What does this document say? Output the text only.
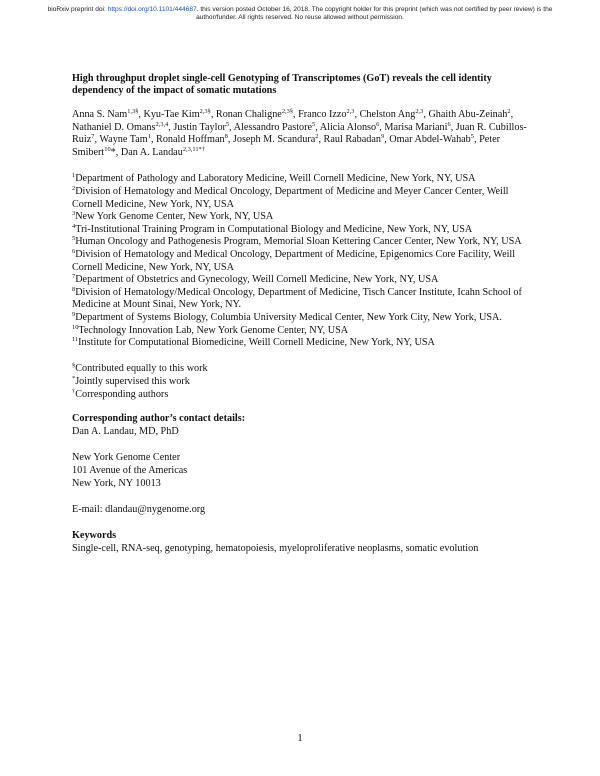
bioRxiv preprint doi: https://doi.org/10.1101/444687. this version posted October 16, 2018. The copyright holder for this preprint (which was not certified by peer review) is the author/funder. All rights reserved. No reuse allowed without permission.
High throughput droplet single-cell Genotyping of Transcriptomes (GoT) reveals the cell identity dependency of the impact of somatic mutations
Anna S. Nam$^{1,3\S}$, Kyu-Tae Kim$^{2,3\S}$, Ronan Chaligne$^{2,3\S}$, Franco Izzo$^{2,3}$, Chelston Ang$^{2,3}$, Ghaith Abu-Zeinah$^2$, Nathaniel D. Omans$^{2,3,4}$, Justin Taylor$^5$, Alessandro Pastore$^5$, Alicia Alonso$^6$, Marisa Mariani$^6$, Juan R. Cubillos-Ruiz$^7$, Wayne Tam$^1$, Ronald Hoffman$^8$, Joseph M. Scandura$^2$, Raul Rabadan$^9$, Omar Abdel-Wahab$^5$, Peter Smibert$^{10}$*, Dan A. Landau$^{2,3,11*\dagger}$
$^1$Department of Pathology and Laboratory Medicine, Weill Cornell Medicine, New York, NY, USA
$^2$Division of Hematology and Medical Oncology, Department of Medicine and Meyer Cancer Center, Weill Cornell Medicine, New York, NY, USA
$^3$New York Genome Center, New York, NY, USA
$^4$Tri-Institutional Training Program in Computational Biology and Medicine, New York, NY, USA
$^5$Human Oncology and Pathogenesis Program, Memorial Sloan Kettering Cancer Center, New York, NY, USA
$^6$Division of Hematology and Medical Oncology, Department of Medicine, Epigenomics Core Facility, Weill Cornell Medicine, New York, NY, USA
$^7$Department of Obstetrics and Gynecology, Weill Cornell Medicine, New York, NY, USA
$^8$Division of Hematology/Medical Oncology, Department of Medicine, Tisch Cancer Institute, Icahn School of Medicine at Mount Sinai, New York, NY.
$^9$Department of Systems Biology, Columbia University Medical Center, New York City, New York, USA.
$^{10}$Technology Innovation Lab, New York Genome Center, NY, USA
$^{11}$Institute for Computational Biomedicine, Weill Cornell Medicine, New York, NY, USA
§Contributed equally to this work
*Jointly supervised this work
†Corresponding authors
Corresponding author’s contact details:
Dan A. Landau, MD, PhD
New York Genome Center
101 Avenue of the Americas
New York, NY 10013
E-mail: dlandau@nygenome.org
Keywords
Single-cell, RNA-seq, genotyping, hematopoiesis, myeloproliferative neoplasms, somatic evolution
1
